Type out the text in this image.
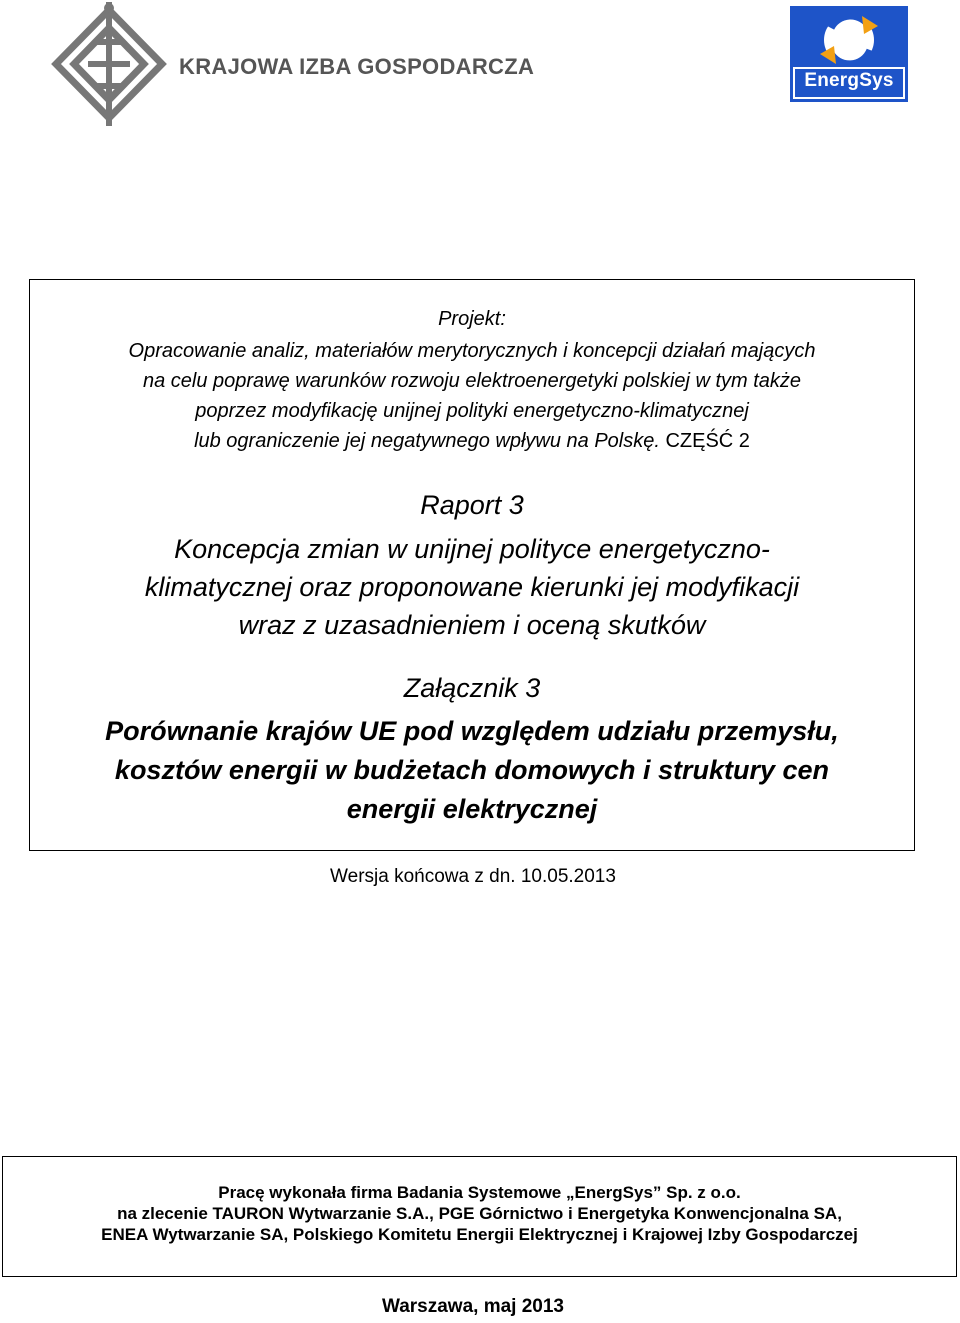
KRAJOWA IZBA GOSPODARCZA
EnergSys
Projekt:
Opracowanie analiz, materiałów merytorycznych i koncepcji działań mających
na celu poprawę warunków rozwoju elektroenergetyki polskiej w tym także
poprzez modyfikację unijnej polityki energetyczno-klimatycznej
lub ograniczenie jej negatywnego wpływu na Polskę. CZĘŚĆ 2
Raport 3
Koncepcja zmian w unijnej polityce energetyczno-
klimatycznej oraz proponowane kierunki jej modyfikacji
wraz z uzasadnieniem i oceną skutków
Załącznik 3
Porównanie krajów UE pod względem udziału przemysłu,
kosztów energii w budżetach domowych i struktury cen
energii elektrycznej
Wersja końcowa z dn. 10.05.2013
Pracę wykonała firma Badania Systemowe „EnergSys” Sp. z o.o.
na zlecenie TAURON Wytwarzanie S.A., PGE Górnictwo i Energetyka Konwencjonalna SA,
ENEA Wytwarzanie SA, Polskiego Komitetu Energii Elektrycznej i Krajowej Izby Gospodarczej
Warszawa, maj 2013
